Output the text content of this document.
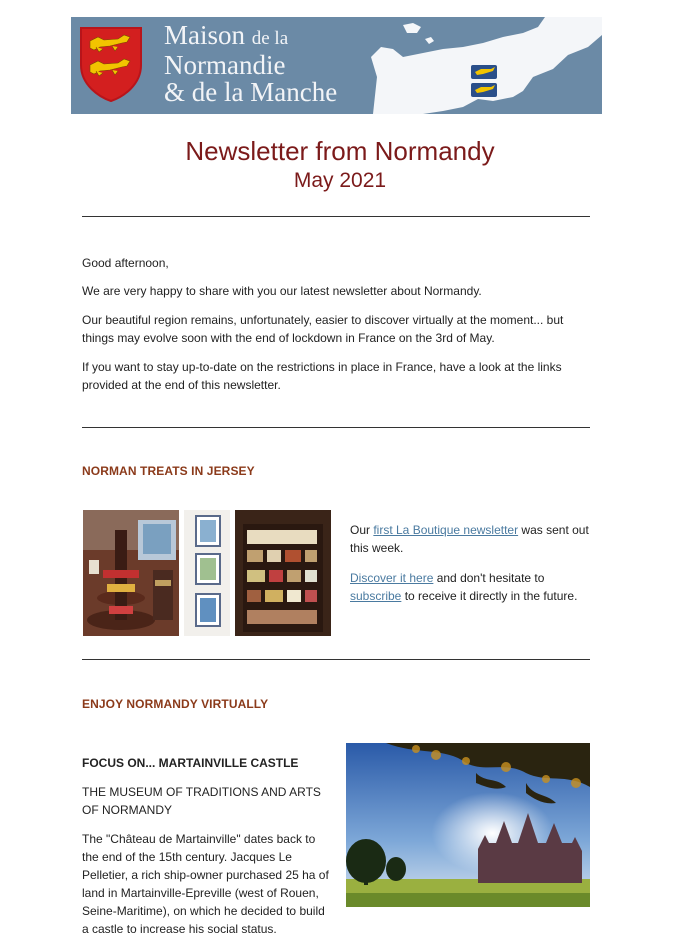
Maison de la
Normandie
& de la Manche
Newsletter from Normandy
May 2021

Good afternoon,

We are very happy to share with you our latest newsletter about Normandy.

Our beautiful region remains, unfortunately, easier to discover virtually at the moment... but things may evolve soon with the end of lockdown in France on the 3rd of May.

If you want to stay up-to-date on the restrictions in place in France, have a look at the links provided at the end of this newsletter.

NORMAN TREATS IN JERSEY

Our first La Boutique newsletter was sent out this week.

Discover it here and don't hesitate to subscribe to receive it directly in the future.

ENJOY NORMANDY VIRTUALLY
FOCUS ON... MARTAINVILLE CASTLE
THE MUSEUM OF TRADITIONS AND ARTS OF NORMANDY
The "Château de Martainville" dates back to the end of the 15th century. Jacques Le Pelletier, a rich ship-owner purchased 25 ha of land in Martainville-Epreville (west of Rouen, Seine-Maritime), on which he decided to build a castle to increase his social status.
